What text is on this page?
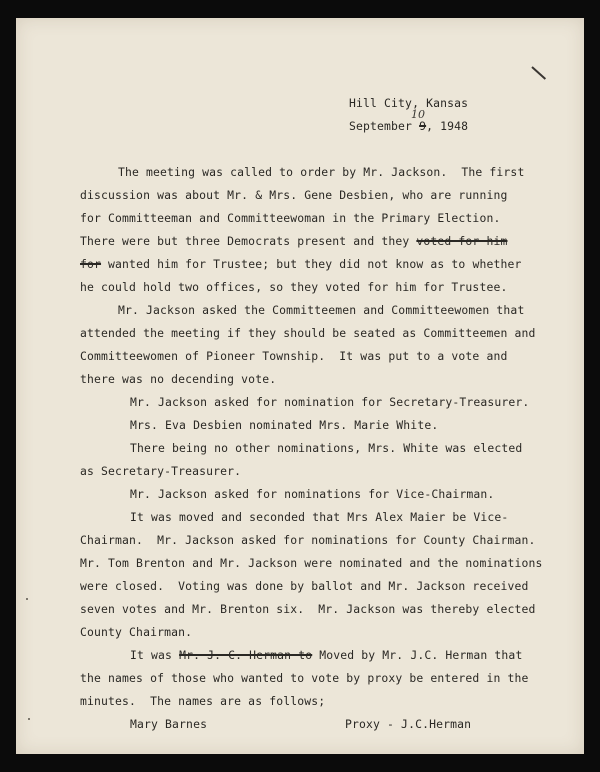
Hill City, Kansas
September 9, 1948
10
The meeting was called to order by Mr. Jackson.  The first
discussion was about Mr. & Mrs. Gene Desbien, who are running
for Committeeman and Committeewoman in the Primary Election.
There were but three Democrats present and they voted for him
for wanted him for Trustee; but they did not know as to whether
he could hold two offices, so they voted for him for Trustee.
Mr. Jackson asked the Committeemen and Committeewomen that
attended the meeting if they should be seated as Committeemen and
Committeewomen of Pioneer Township.  It was put to a vote and
there was no decending vote.
Mr. Jackson asked for nomination for Secretary-Treasurer.
Mrs. Eva Desbien nominated Mrs. Marie White.
There being no other nominations, Mrs. White was elected
as Secretary-Treasurer.
Mr. Jackson asked for nominations for Vice-Chairman.
It was moved and seconded that Mrs Alex Maier be Vice-
Chairman.  Mr. Jackson asked for nominations for County Chairman.
Mr. Tom Brenton and Mr. Jackson were nominated and the nominations
were closed.  Voting was done by ballot and Mr. Jackson received
seven votes and Mr. Brenton six.  Mr. Jackson was thereby elected
County Chairman.
It was Mr. J. C. Herman to Moved by Mr. J.C. Herman that
the names of those who wanted to vote by proxy be entered in the
minutes.  The names are as follows;
Mary Barnes	Proxy - J.C.Herman
